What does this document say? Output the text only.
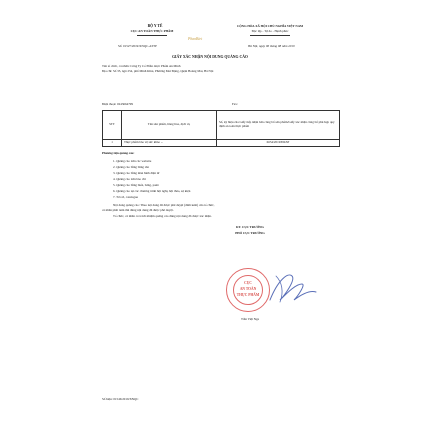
BỘ Y TẾ
CỤC AN TOÀN THỰC PHẨM
CỘNG HÒA XÃ HỘI CHỦ NGHĨA VIỆT NAM
Độc lập - Tự do - Hạnh phúc
PhanBiet
Số: 01527/2019/XNQC-ATTP	Hà Nội, ngày 06 tháng 08 năm 2019
GIẤY XÁC NHẬN NỘI DUNG QUẢNG CÁO
Tên tổ chức, cá nhân: Công Ty Cổ Phần dược Phẩm An Minh
Địa chỉ: Số 35, ngõ 254, phố Minh Khai, Phường Mai Động, Quận Hoàng Mai, Hà Nội
Điện thoại: 0243664799	Fax:
STT	Tên sản phẩm, hàng hóa, dịch vụ	Số, ký hiệu của Giấy tiếp nhận bản công bố sản phẩm/Giấy xác nhận công bố phù hợp quy định an toàn thực phẩm
1	Thực phẩm bảo vệ sức khỏe ...	6654/2019/ĐKSP
Phương tiện quảng cáo:
1. Quảng cáo trên các website
2. Quảng cáo bằng băng rôn
3. Quảng cáo bằng màn hình điện tử
4. Quảng cáo trên báo chí
5. Quảng cáo bằng biển, bảng, panô
6. Quảng cáo tại các chương trình hội nghị, hội thảo, sự kiện
7. Tờ rơi, catalogue
Nội dung quảng cáo: Theo nội dung đã được phê duyệt (đính kèm) của tổ chức,
cá nhân phải tuân thủ đúng nội dung đã được phê duyệt.
Tổ chức, cá nhân có trách nhiệm quảng cáo đúng nội dung đã được xác nhận.
KT. CỤC TRƯỞNG
PHÓ CỤC TRƯỞNG
CỤC
AN TOÀN
THỰC PHẨM
Trần Việt Nga
Số hiệu: 01546/2019/XNQC
